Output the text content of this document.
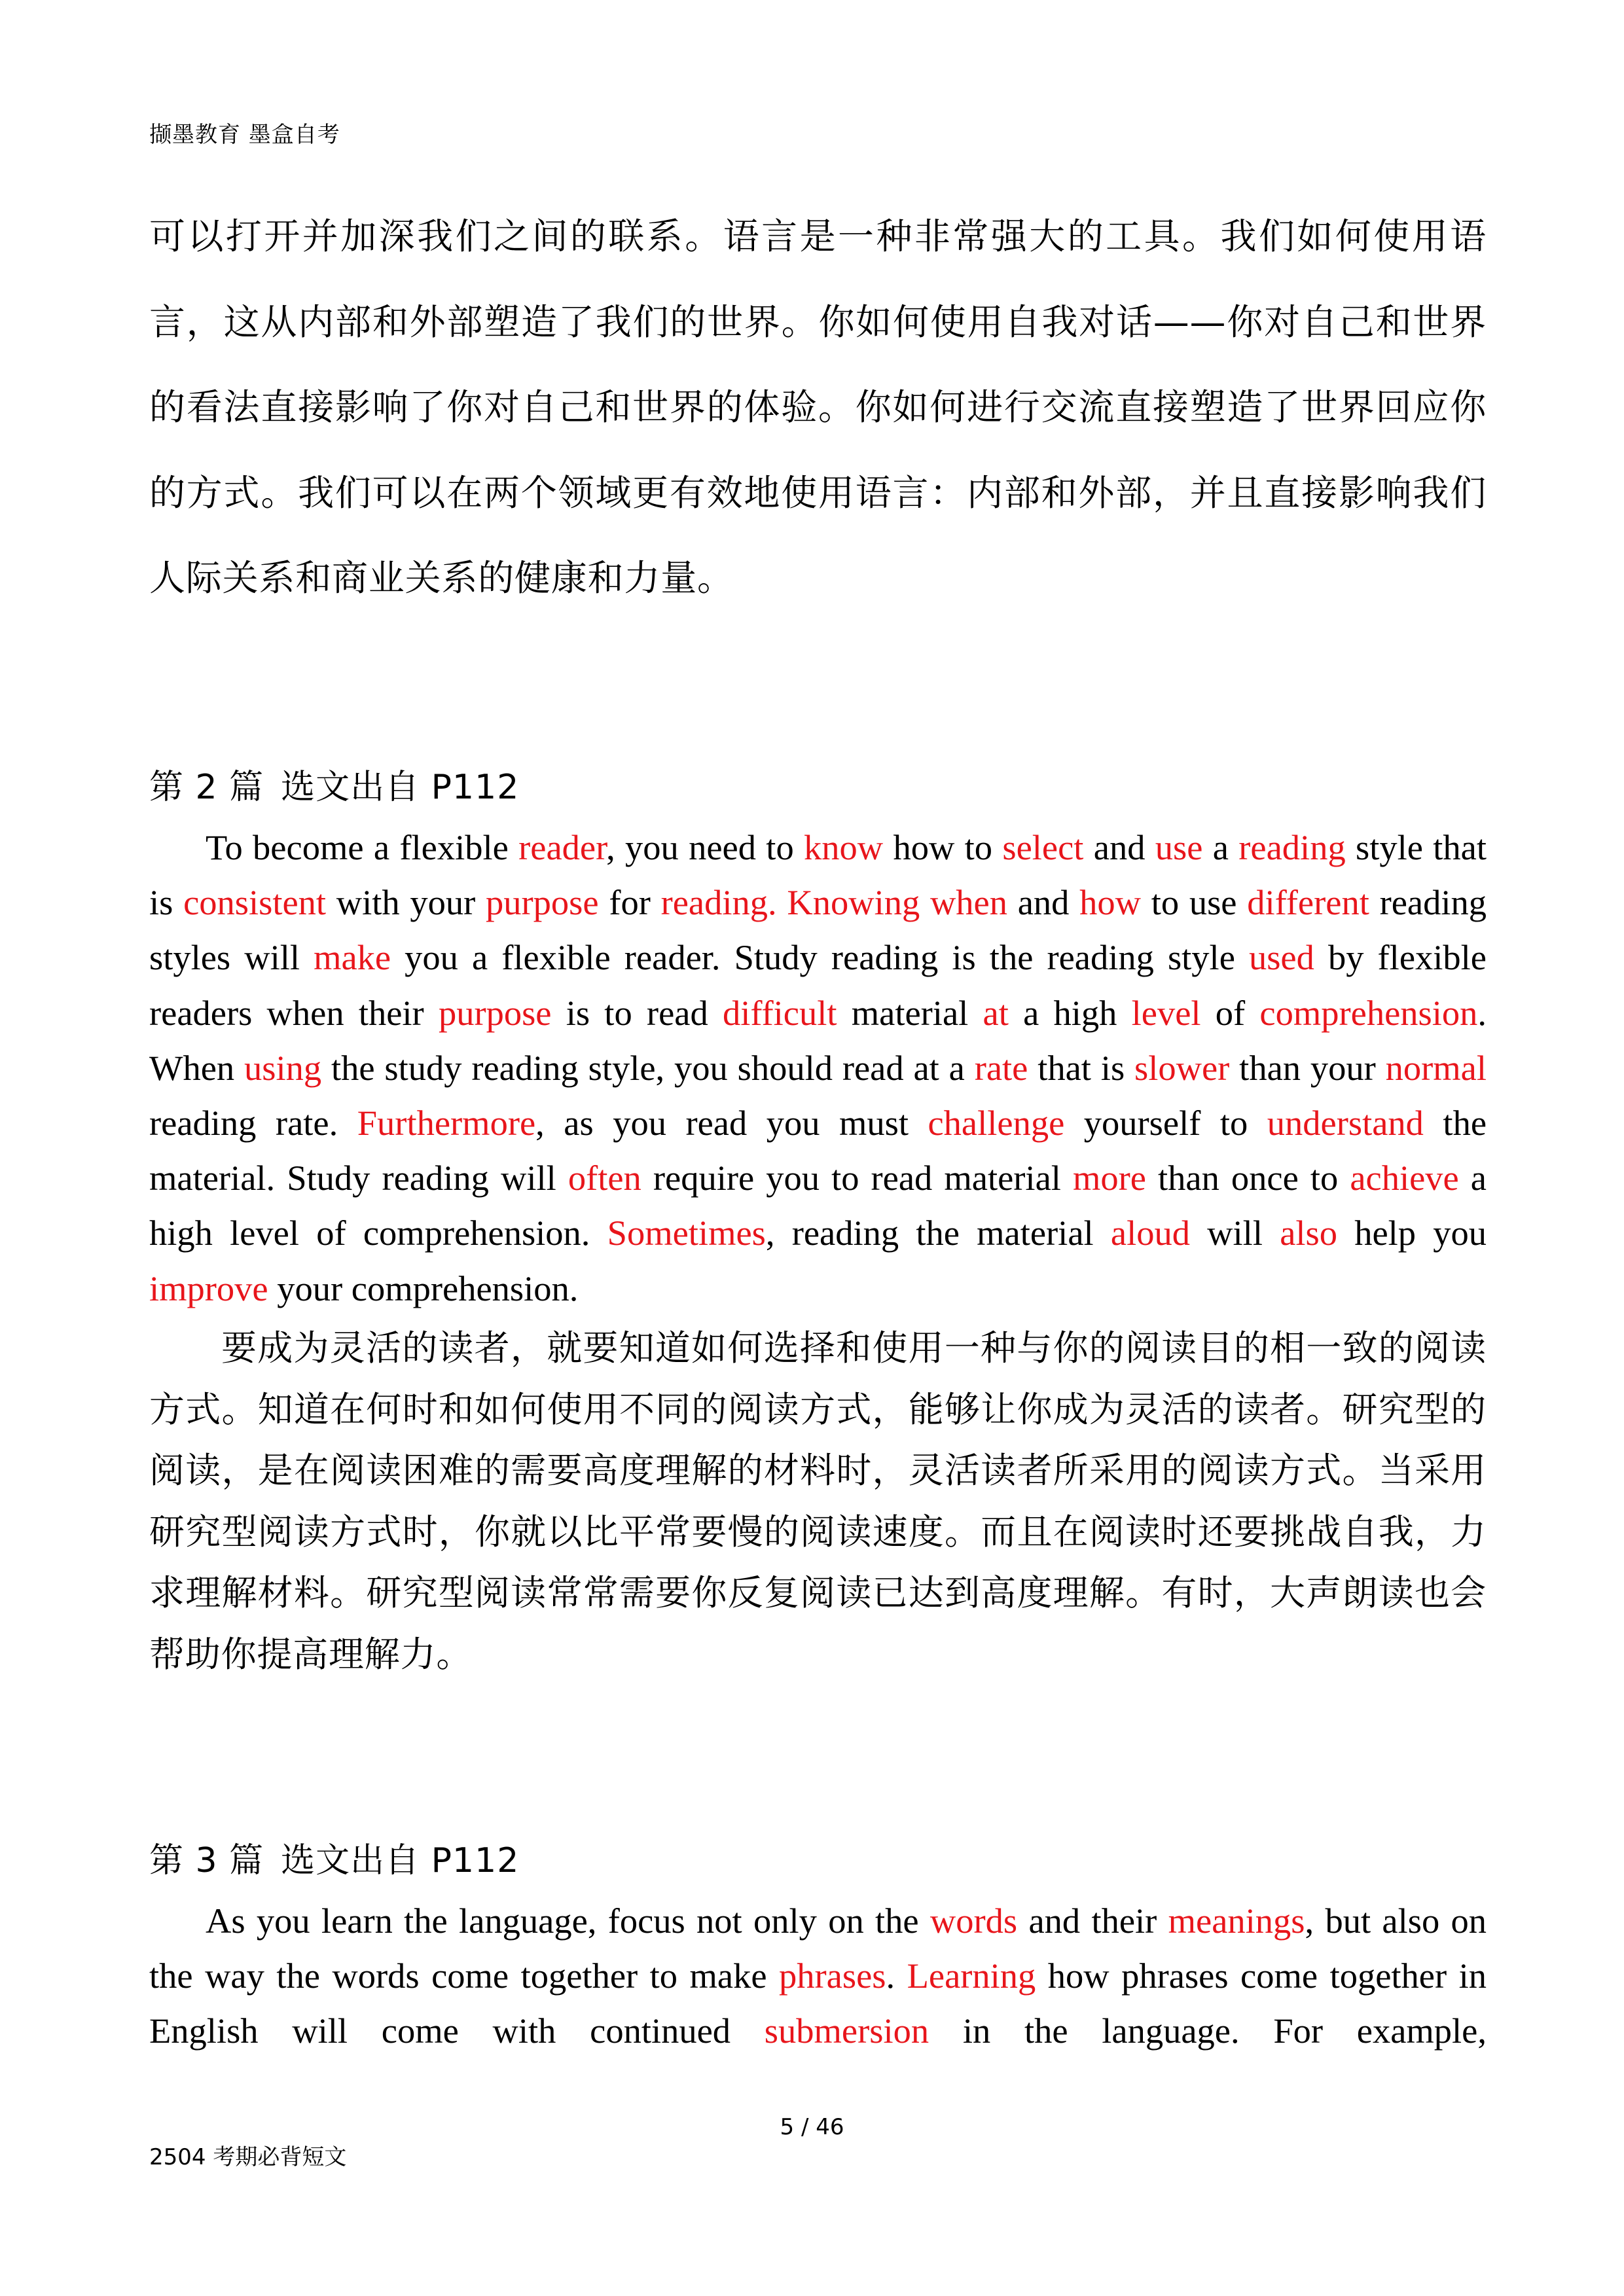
撷墨教育 墨盒自考

可以打开并加深我们之间的联系。语言是一种非常强大的工具。我们如何使用语言，这从内部和外部塑造了我们的世界。你如何使用自我对话——你对自己和世界的看法直接影响了你对自己和世界的体验。你如何进行交流直接塑造了世界回应你的方式。我们可以在两个领域更有效地使用语言：内部和外部，并且直接影响我们人际关系和商业关系的健康和力量。

第 2 篇 选文出自 P112

To become a flexible reader, you need to know how to select and use a reading style that is consistent with your purpose for reading. Knowing when and how to use different reading styles will make you a flexible reader. Study reading is the reading style used by flexible readers when their purpose is to read difficult material at a high level of comprehension. When using the study reading style, you should read at a rate that is slower than your normal reading rate. Furthermore, as you read you must challenge yourself to understand the material. Study reading will often require you to read material more than once to achieve a high level of comprehension. Sometimes, reading the material aloud will also help you improve your comprehension.

要成为灵活的读者，就要知道如何选择和使用一种与你的阅读目的相一致的阅读方式。知道在何时和如何使用不同的阅读方式，能够让你成为灵活的读者。研究型的阅读，是在阅读困难的需要高度理解的材料时，灵活读者所采用的阅读方式。当采用研究型阅读方式时，你就以比平常要慢的阅读速度。而且在阅读时还要挑战自我，力求理解材料。研究型阅读常常需要你反复阅读已达到高度理解。有时，大声朗读也会帮助你提高理解力。

第 3 篇 选文出自 P112

As you learn the language, focus not only on the words and their meanings, but also on the way the words come together to make phrases. Learning how phrases come together in English will come with continued submersion in the language. For example,

5 / 46
2504 考期必背短文
